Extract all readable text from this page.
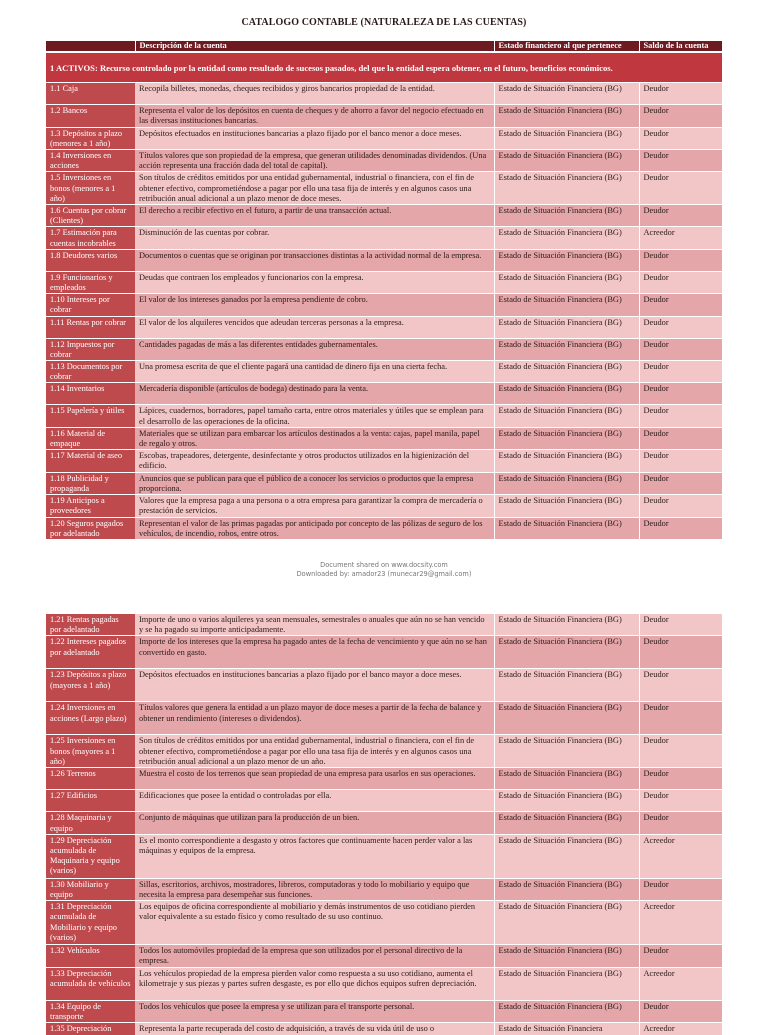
CATALOGO CONTABLE (NATURALEZA DE LAS CUENTAS)
	Descripción de la cuenta	Estado financiero al que pertenece	Saldo de la cuenta
1 ACTIVOS: Recurso controlado por la entidad como resultado de sucesos pasados, del que la entidad espera obtener, en el futuro, beneficios económicos.			
1.1 Caja	Recopila billetes, monedas, cheques recibidos y giros bancarios propiedad de la entidad.	Estado de Situación Financiera (BG)	Deudor
1.2 Bancos	Representa el valor de los depósitos en cuenta de cheques y de ahorro a favor del negocio efectuado en las diversas instituciones bancarias.	Estado de Situación Financiera (BG)	Deudor
1.3 Depósitos a plazo (menores a 1 año)	Depósitos efectuados en instituciones bancarias a plazo fijado por el banco menor a doce meses.	Estado de Situación Financiera (BG)	Deudor
1.4 Inversiones en acciones	Títulos valores que son propiedad de la empresa, que generan utilidades denominadas dividendos. (Una acción representa una fracción dada del total de capital).	Estado de Situación Financiera (BG)	Deudor
1.5 Inversiones en bonos (menores a 1 año)	Son títulos de créditos emitidos por una entidad gubernamental, industrial o financiera, con el fin de obtener efectivo, comprometiéndose a pagar por ello una tasa fija de interés y en algunos casos una retribución anual adicional a un plazo menor de doce meses.	Estado de Situación Financiera (BG)	Deudor
1.6 Cuentas por cobrar (Clientes)	El derecho a recibir efectivo en el futuro, a partir de una transacción actual.	Estado de Situación Financiera (BG)	Deudor
1.7 Estimación para cuentas incobrables	Disminución de las cuentas por cobrar.	Estado de Situación Financiera (BG)	Acreedor
1.8 Deudores varios	Documentos o cuentas que se originan por transacciones distintas a la actividad normal de la empresa.	Estado de Situación Financiera (BG)	Deudor
1.9 Funcionarios y empleados	Deudas que contraen los empleados y funcionarios con la empresa.	Estado de Situación Financiera (BG)	Deudor
1.10 Intereses por cobrar	El valor de los intereses ganados por la empresa pendiente de cobro.	Estado de Situación Financiera (BG)	Deudor
1.11 Rentas por cobrar	El valor de los alquileres vencidos que adeudan terceras personas a la empresa.	Estado de Situación Financiera (BG)	Deudor
1.12 Impuestos por cobrar	Cantidades pagadas de más a las diferentes entidades gubernamentales.	Estado de Situación Financiera (BG)	Deudor
1.13 Documentos por cobrar	Una promesa escrita de que el cliente pagará una cantidad de dinero fija en una cierta fecha.	Estado de Situación Financiera (BG)	Deudor
1.14 Inventarios	Mercadería disponible (artículos de bodega) destinado para la venta.	Estado de Situación Financiera (BG)	Deudor
1.15 Papelería y útiles	Lápices, cuadernos, borradores, papel tamaño carta, entre otros materiales y útiles que se emplean para el desarrollo de las operaciones de la oficina.	Estado de Situación Financiera (BG)	Deudor
1.16 Material de empaque	Materiales que se utilizan para embarcar los artículos destinados a la venta: cajas, papel manila, papel de regalo y otros.	Estado de Situación Financiera (BG)	Deudor
1.17 Material de aseo	Escobas, trapeadores, detergente, desinfectante y otros productos utilizados en la higienización del edificio.	Estado de Situación Financiera (BG)	Deudor
1.18 Publicidad y propaganda	Anuncios que se publican para que el público de a conocer los servicios o productos que la empresa proporciona.	Estado de Situación Financiera (BG)	Deudor
1.19 Anticipos a proveedores	Valores que la empresa paga a una persona o a otra empresa para garantizar la compra de mercadería o prestación de servicios.	Estado de Situación Financiera (BG)	Deudor
1.20 Seguros pagados por adelantado	Representan el valor de las primas pagadas por anticipado por concepto de las pólizas de seguro de los vehículos, de incendio, robos, entre otros.	Estado de Situación Financiera (BG)	Deudor
Document shared on www.docsity.com
Downloaded by: amador23 (munecar29@gmail.com)
1.21 Rentas pagadas por adelantado	Importe de uno o varios alquileres ya sean mensuales, semestrales o anuales que aún no se han vencido y se ha pagado su importe anticipadamente.	Estado de Situación Financiera (BG)	Deudor
1.22 Intereses pagados por adelantado	Importe de los intereses que la empresa ha pagado antes de la fecha de vencimiento y que aún no se han convertido en gasto.	Estado de Situación Financiera (BG)	Deudor
1.23 Depósitos a plazo (mayores a 1 año)	Depósitos efectuados en instituciones bancarias a plazo fijado por el banco mayor a doce meses.	Estado de Situación Financiera (BG)	Deudor
1.24 Inversiones en acciones (Largo plazo)	Títulos valores que genera la entidad a un plazo mayor de doce meses a partir de la fecha de balance y obtener un rendimiento (intereses o dividendos).	Estado de Situación Financiera (BG)	Deudor
1.25 Inversiones en bonos (mayores a 1 año)	Son títulos de créditos emitidos por una entidad gubernamental, industrial o financiera, con el fin de obtener efectivo, comprometiéndose a pagar por ello una tasa fija de interés y en algunos casos una retribución anual adicional a un plazo menor de un año.	Estado de Situación Financiera (BG)	Deudor
1.26 Terrenos	Muestra el costo de los terrenos que sean propiedad de una empresa para usarlos en sus operaciones.	Estado de Situación Financiera (BG)	Deudor
1.27 Edificios	Edificaciones que posee la entidad o controladas por ella.	Estado de Situación Financiera (BG)	Deudor
1.28 Maquinaria y equipo	Conjunto de máquinas que utilizan para la producción de un bien.	Estado de Situación Financiera (BG)	Deudor
1.29 Depreciación acumulada de Maquinaria y equipo (varios)	Es el monto correspondiente a desgasto y otros factores que continuamente hacen perder valor a las máquinas y equipos de la empresa.	Estado de Situación Financiera (BG)	Acreedor
1.30 Mobiliario y equipo	Sillas, escritorios, archivos, mostradores, libreros, computadoras y todo lo mobiliario y equipo que necesita la empresa para desempeñar sus funciones.	Estado de Situación Financiera (BG)	Deudor
1.31 Depreciación acumulada de Mobiliario y equipo (varios)	Los equipos de oficina correspondiente al mobiliario y demás instrumentos de uso cotidiano pierden valor equivalente a su estado físico y como resultado de su uso continuo.	Estado de Situación Financiera (BG)	Acreedor
1.32 Vehículos	Todos los automóviles propiedad de la empresa que son utilizados por el personal directivo de la empresa.	Estado de Situación Financiera (BG)	Deudor
1.33 Depreciación acumulada de vehículos	Los vehículos propiedad de la empresa pierden valor como respuesta a su uso cotidiano, aumenta el kilometraje y sus piezas y partes sufren desgaste, es por ello que dichos equipos sufren depreciación.	Estado de Situación Financiera (BG)	Acreedor
1.34 Equipo de transporte	Todos los vehículos que posee la empresa y se utilizan para el transporte personal.	Estado de Situación Financiera (BG)	Deudor
1.35 Depreciación	Representa la parte recuperada del costo de adquisición, a través de su vida útil de uso o	Estado de Situación Financiera	Acreedor
